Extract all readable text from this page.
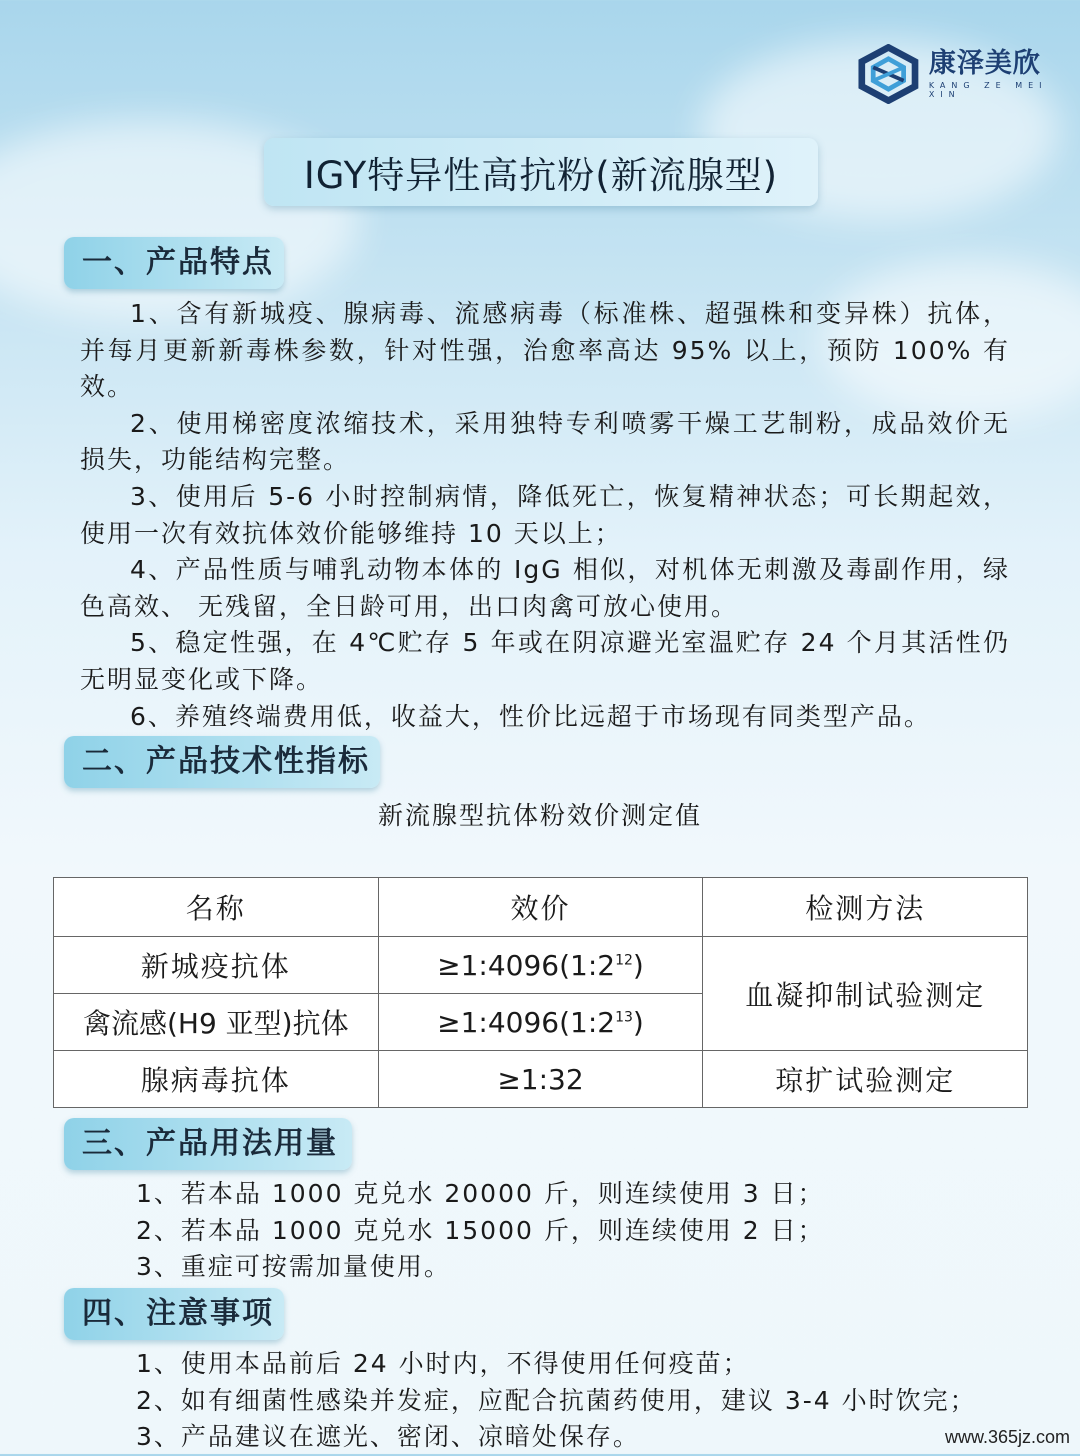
康泽美欣
KANG ZE MEI XIN
IGY特异性高抗粉(新流腺型)
一、产品特点

1、含有新城疫、腺病毒、流感病毒（标准株、超强株和变异株）抗体，并每月更新新毒株参数，针对性强，治愈率高达 95% 以上，预防 100% 有效。

2、使用梯密度浓缩技术，采用独特专利喷雾干燥工艺制粉，成品效价无损失，功能结构完整。

3、使用后 5-6 小时控制病情，降低死亡，恢复精神状态；可长期起效，使用一次有效抗体效价能够维持 10 天以上；

4、产品性质与哺乳动物本体的 IgG 相似，对机体无刺激及毒副作用，绿色高效、 无残留，全日龄可用，出口肉禽可放心使用。

5、稳定性强，在 4℃贮存 5 年或在阴凉避光室温贮存 24 个月其活性仍无明显变化或下降。

6、养殖终端费用低，收益大，性价比远超于市场现有同类型产品。

二、产品技术性指标
新流腺型抗体粉效价测定值
名称	效价	检测方法
新城疫抗体	$\ge 1:4096(1:2^{12})$	血凝抑制试验测定
禽流感(H9 亚型)抗体	$\ge 1:4096(1:2^{13})$	
腺病毒抗体	≥1:32	琼扩试验测定
三、产品用法用量
1、若本品 1000 克兑水 20000 斤，则连续使用 3 日；
2、若本品 1000 克兑水 15000 斤，则连续使用 2 日；
3、重症可按需加量使用。
四、注意事项
1、使用本品前后 24 小时内，不得使用任何疫苗；
2、如有细菌性感染并发症，应配合抗菌药使用，建议 3-4 小时饮完；
3、产品建议在遮光、密闭、凉暗处保存。	www.365jz.com
